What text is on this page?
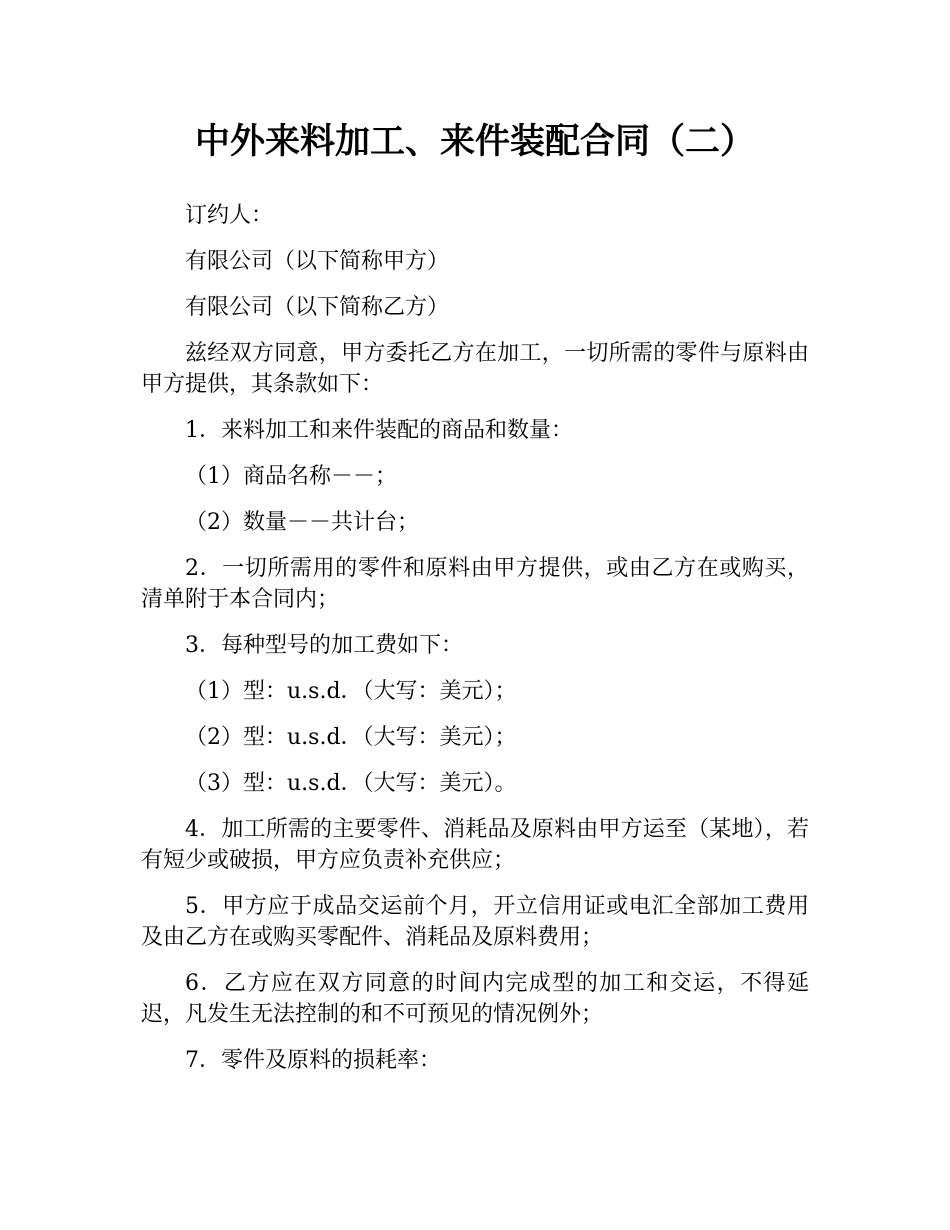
中外来料加工、来件装配合同（二）

订约人：

有限公司（以下简称甲方）

有限公司（以下简称乙方）

兹经双方同意，甲方委托乙方在加工，一切所需的零件与原料由甲方提供，其条款如下：

1．来料加工和来件装配的商品和数量：

（1）商品名称－－；

（2）数量－－共计台；

2．一切所需用的零件和原料由甲方提供，或由乙方在或购买，清单附于本合同内；

3．每种型号的加工费如下：

（1）型：u.s.d．（大写：美元）；

（2）型：u.s.d．（大写：美元）；

（3）型：u.s.d．（大写：美元）。

4．加工所需的主要零件、消耗品及原料由甲方运至（某地），若有短少或破损，甲方应负责补充供应；

5．甲方应于成品交运前个月，开立信用证或电汇全部加工费用及由乙方在或购买零配件、消耗品及原料费用；

6．乙方应在双方同意的时间内完成型的加工和交运，不得延迟，凡发生无法控制的和不可预见的情况例外；

7．零件及原料的损耗率：
